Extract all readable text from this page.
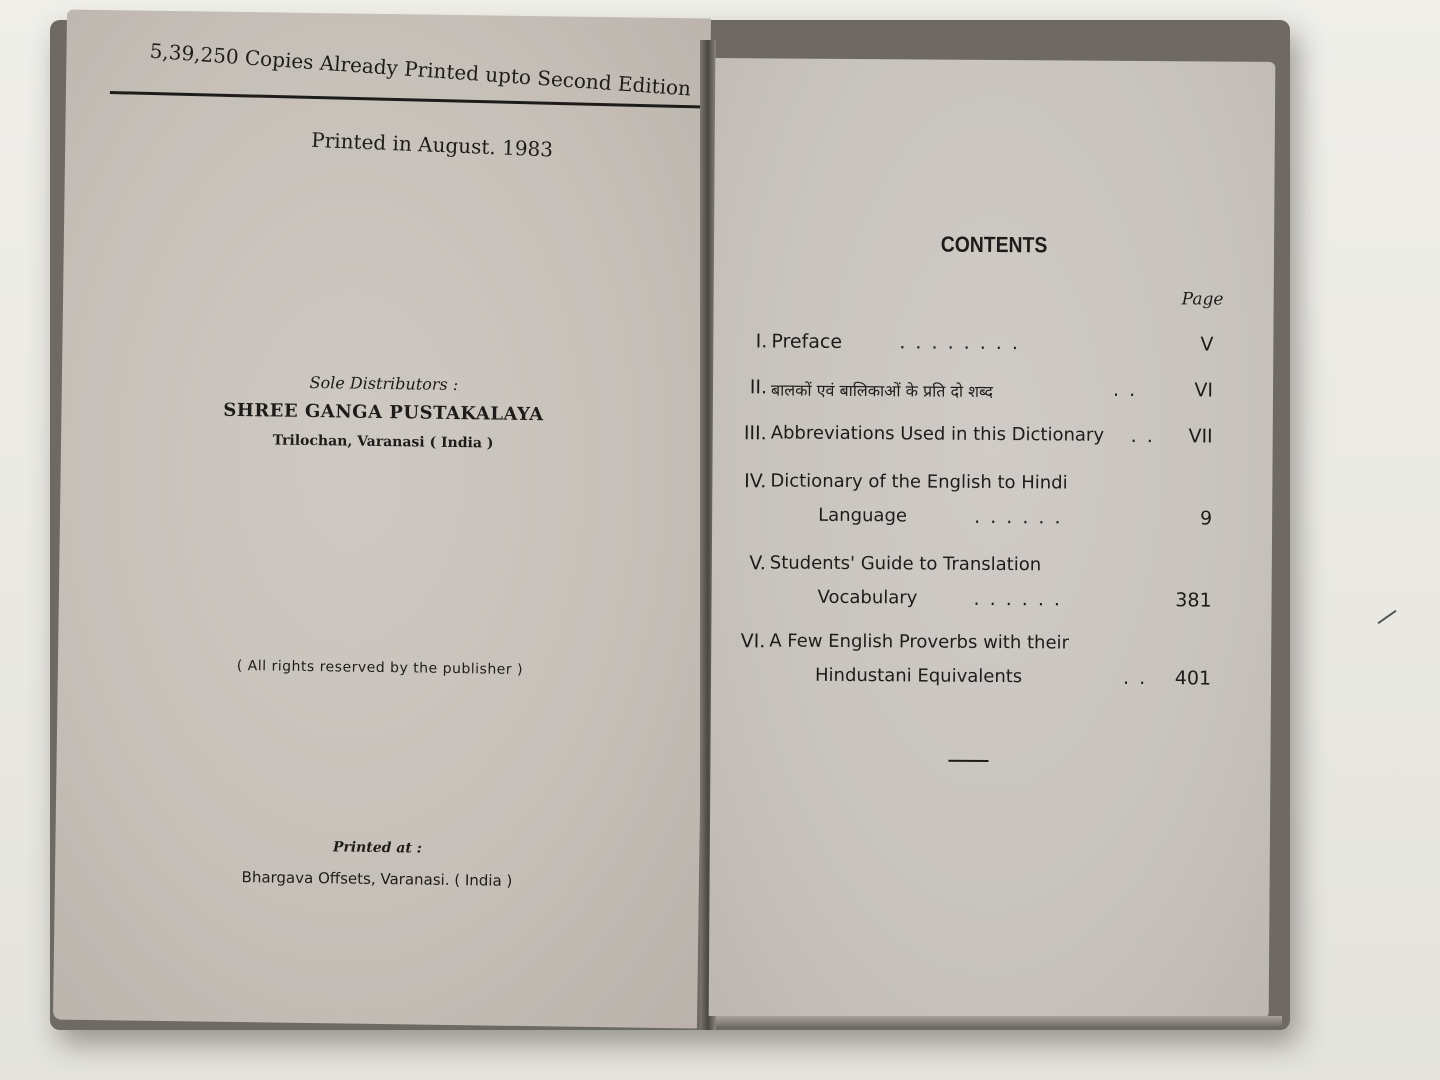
5,39,250 Copies Already Printed upto Second Edition
Printed in August. 1983
Sole Distributors :
SHREE GANGA PUSTAKALAYA
Trilochan, Varanasi ( India )
( All rights reserved by the publisher )
Printed at :
Bhargava Offsets, Varanasi. ( India )
CONTENTS
Page
I. Preface	. . . . . . . .	V
II. बालकों एवं बालिकाओं के प्रति दो शब्द	. .	VI
III. Abbreviations Used in this Dictionary . .	VII
IV. Dictionary of the English to Hindi
Language	. . . . . .	9
V. Students' Guide to Translation
Vocabulary	. . . . . .	381
VI. A Few English Proverbs with their
Hindustani Equivalents	. .	401
